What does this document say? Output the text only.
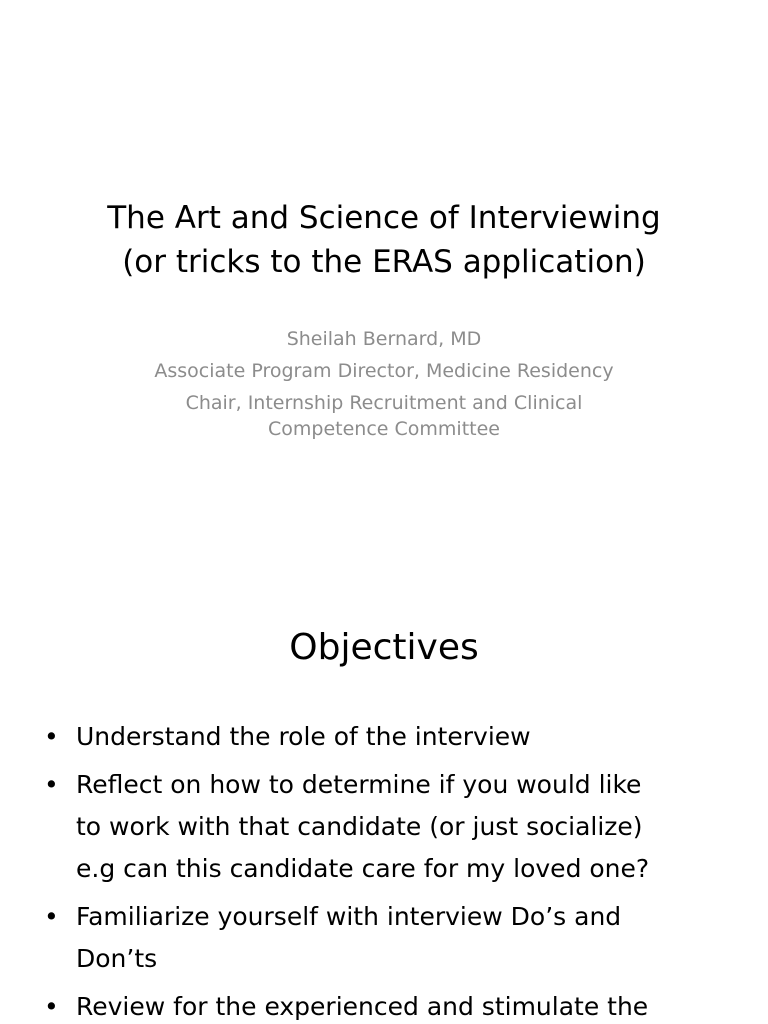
The Art and Science of Interviewing
(or tricks to the ERAS application)
Sheilah Bernard, MD
Associate Program Director, Medicine Residency
Chair, Internship Recruitment and Clinical
Competence Committee
Objectives
• Understand the role of the interview
• Reflect on how to determine if you would like
to work with that candidate (or just socialize)
e.g can this candidate care for my loved one?
• Familiarize yourself with interview Do’s and
Don’ts
• Review for the experienced and stimulate the
